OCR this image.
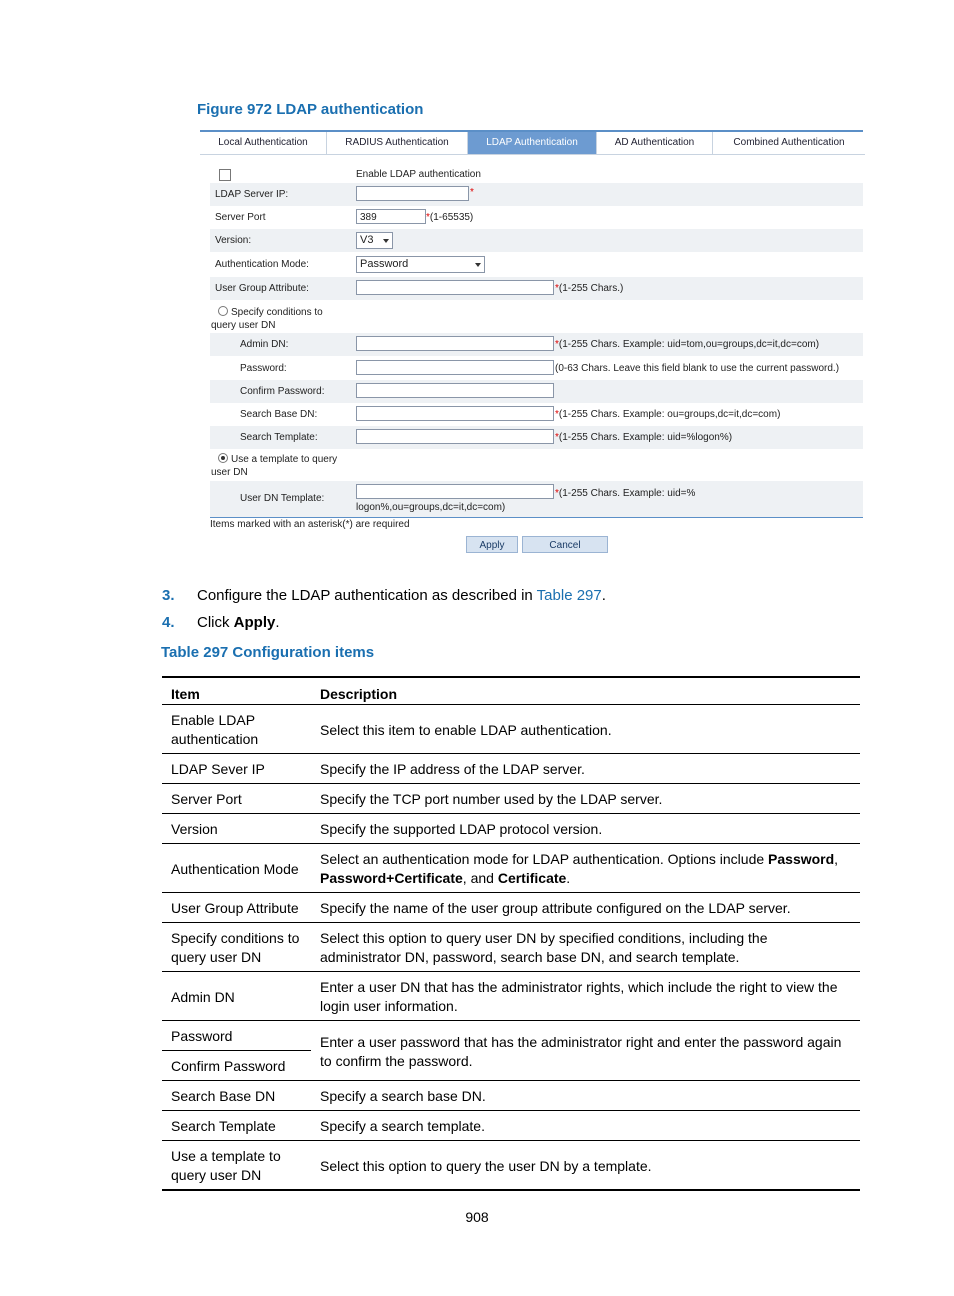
Figure 972 LDAP authentication
Local Authentication	RADIUS Authentication	LDAP Authentication	AD Authentication	Combined Authentication
Enable LDAP authentication
LDAP Server IP:	*
Server Port	389	*(1-65535)
Version:	V3
Authentication Mode:	Password
User Group Attribute:	*(1-255 Chars.)
Specify conditions to
query user DN
Admin DN:	*(1-255 Chars. Example: uid=tom,ou=groups,dc=it,dc=com)
Password:	(0-63 Chars. Leave this field blank to use the current password.)
Confirm Password:
Search Base DN:	*(1-255 Chars. Example: ou=groups,dc=it,dc=com)
Search Template:	*(1-255 Chars. Example: uid=%logon%)
Use a template to query
user DN
User DN Template:	*(1-255 Chars. Example: uid=%
logon%,ou=groups,dc=it,dc=com)
Items marked with an asterisk(*) are required
Apply	Cancel
3. Configure the LDAP authentication as described in Table 297.
4. Click Apply.
Table 297 Configuration items
Item	Description
Enable LDAP authentication	Select this item to enable LDAP authentication.
LDAP Sever IP	Specify the IP address of the LDAP server.
Server Port	Specify the TCP port number used by the LDAP server.
Version	Specify the supported LDAP protocol version.
Authentication Mode	Select an authentication mode for LDAP authentication. Options include Password, Password+Certificate, and Certificate.
User Group Attribute	Specify the name of the user group attribute configured on the LDAP server.
Specify conditions to query user DN	Select this option to query user DN by specified conditions, including the administrator DN, password, search base DN, and search template.
Admin DN	Enter a user DN that has the administrator rights, which include the right to view the login user information.
Password	Enter a user password that has the administrator right and enter the password again to confirm the password.
Confirm Password	
Search Base DN	Specify a search base DN.
Search Template	Specify a search template.
Use a template to query user DN	Select this option to query the user DN by a template.
908
